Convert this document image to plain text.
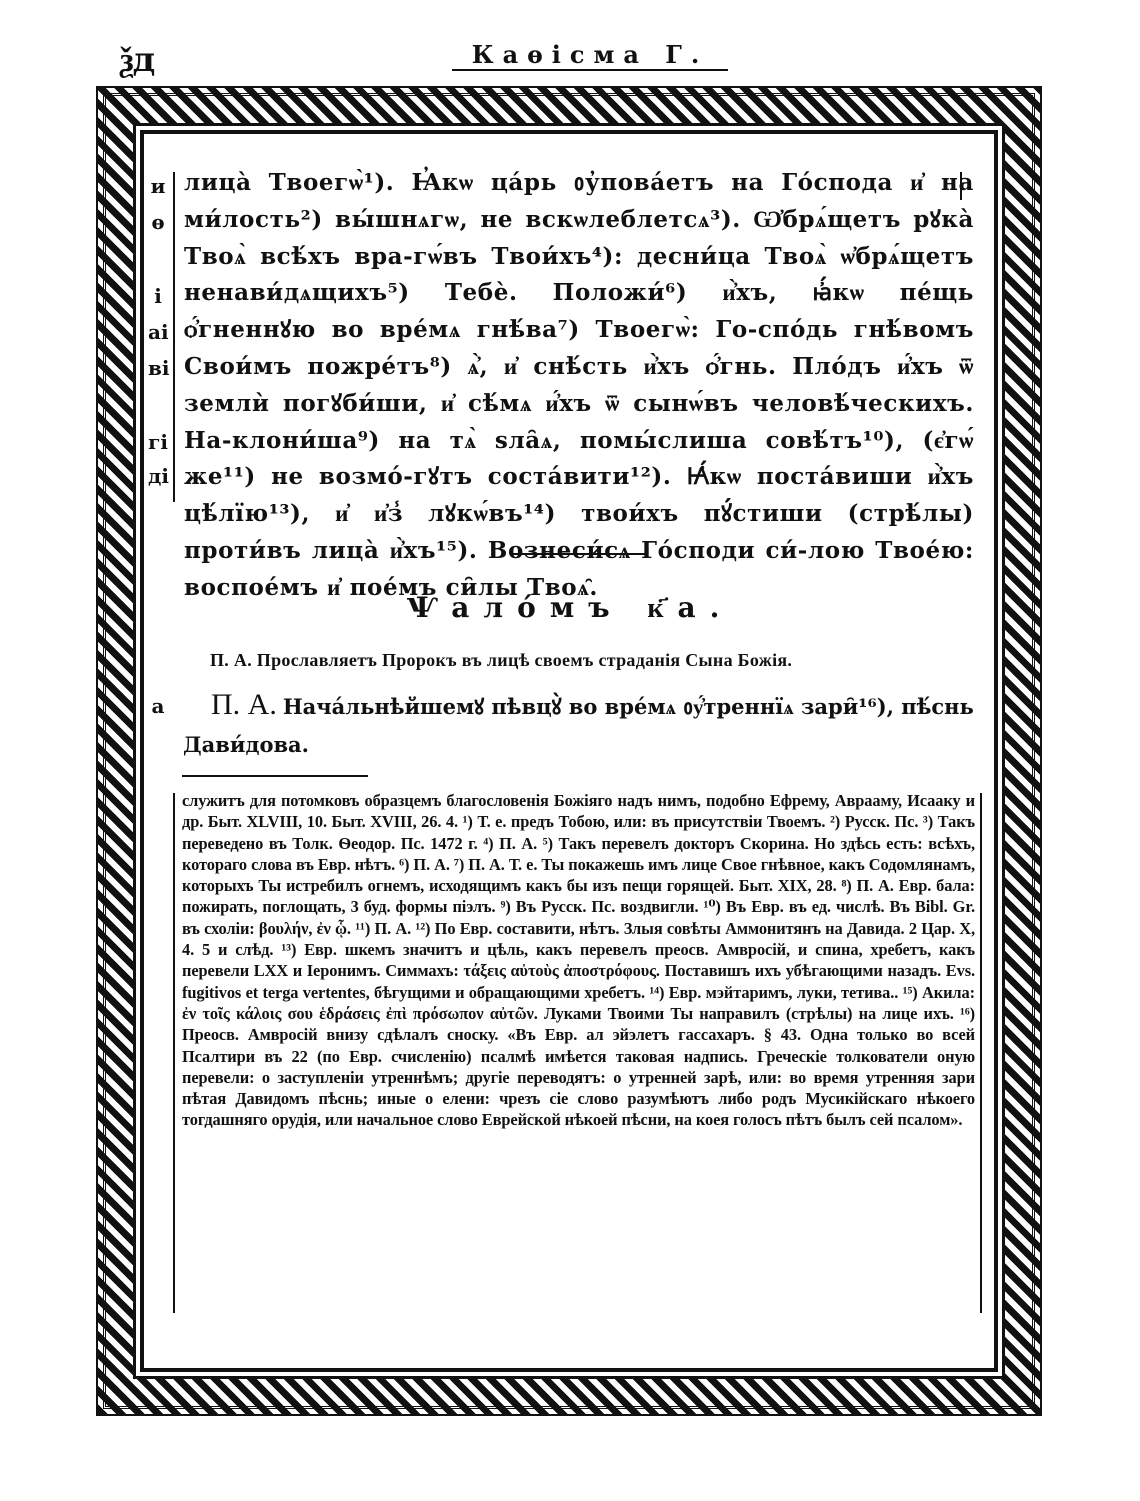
ѯд	Каѳісма Г.
и
ѳ
і
аі
ві
гі
ді
лица̀ Твоегѡ̀¹). Ꙗ̓кѡ ца́рь ᲂу̓пова́етъ на Го́спода и҆ на ми́лость²) вы́шнѧгѡ, не вскѡлеблетсѧ³). Ѡ҆брѧ́щетъ рꙋка̀ Твоѧ̀ всѣ́хъ вра-гѡ́въ Твои́хъ⁴): десни́ца Твоѧ̀ ѡ҆брѧ́щетъ ненави́дѧщихъ⁵) Тебѐ. Положи́⁶) и҆̀хъ, ꙗ҆́кѡ пе́щь ѻ҆́гненнꙋю во вре́мѧ гнѣ́ва⁷) Твоегѡ̀: Го-спо́дь гнѣ́вомъ Свои́мъ пожре́тъ⁸) ѧ҆̀, и҆ снѣ́сть и҆̀хъ ѻ҆́гнь. Пло́дъ и҆́хъ ѿ землѝ погꙋби́ши, и҆ сѣ́мѧ и҆́хъ ѿ сынѡ́въ человѣ́ческихъ. На-клони́ша⁹) на тѧ̀ ѕла̑ѧ, помы́слиша совѣ́тъ¹⁰), (є҆гѡ́ же¹¹) не возмо́-гꙋтъ соста́вити¹²). Ꙗ҆́кѡ поста́виши и҆̀хъ цѣ́лїю¹³), и҆ и҆з̾ лꙋкѡ́въ¹⁴) твои́хъ пꙋ́стиши (стрѣ́лы) проти́въ лица̀ и҆̀хъ¹⁵). Вознеси́сѧ Го́споди си́-лою Твое́ю: воспое́мъ и҆ пое́мъ си̑лы Твоѧ̑.
Ѱало́мъ к҃а.
П. А. Прославляетъ Пророкъ въ лицѣ своемъ страданія Сына Божія.
а	П. А. Нача́льнѣйшемꙋ пѣвцꙋ̀ во вре́мѧ ᲂу҆́треннїѧ зари̑¹⁶), пѣ́снь Дави́дова.
служитъ для потомковъ образцемъ благословенія Божіяго надъ нимъ, подобно Ефрему, Авраaму, Исааку и др. Быт. XLVIII, 10. Быт. XVIII, 26. 4. ¹) Т. е. предъ Тобою, или: въ присутствіи Твоемъ. ²) Русск. Пс. ³) Такъ переведено въ Толк. Ѳеодор. Пс. 1472 г. ⁴) П. А. ⁵) Такъ перевелъ докторъ Скорина. Но здѣсь есть: всѣхъ, котораго слова въ Евр. нѣтъ. ⁶) П. А. ⁷) П. А. Т. е. Ты покажешь имъ лице Свое гнѣвное, какъ Содомлянамъ, которыхъ Ты истребилъ огнемъ, исходящимъ какъ бы изъ пещи горящей. Быт. XIX, 28. ⁸) П. А. Евр. бала: пожирать, поглощать, 3 буд. формы піэлъ. ⁹) Въ Русск. Пс. воздвигли. ¹⁰) Въ Евр. въ ед. числѣ. Въ Bibl. Gr. въ схоліи: βουλήν, ἐν ᾧ. ¹¹) П. А. ¹²) По Евр. составити, нѣтъ. Злыя совѣты Аммонитянъ на Давида. 2 Цар. X, 4. 5 и слѣд. ¹³) Евр. шкемъ значитъ и цѣль, какъ перевелъ преосв. Амвросій, и спина, хребетъ, какъ перевели LXX и Іеронимъ. Симмахъ: τάξεις αὐτοὺς ἀποστρόφους. Поставишъ ихъ убѣгающими назадъ. Evs. fugitivos et terga vertentes, бѣгущими и обращающими хребетъ. ¹⁴) Евр. мэйтаримъ, луки, тетива.. ¹⁵) Акила: ἐν τοῖς κάλοις σου ἑδράσεις ἐπὶ πρόσωπον αὐτῶν. Луками Твоими Ты направилъ (стрѣлы) на лице ихъ. ¹⁶) Преосв. Амвросій внизу сдѣлалъ сноску. «Въ Евр. ал эйэлетъ гассахаръ. § 43. Одна только во всей Псалтири въ 22 (по Евр. счисленію) псалмѣ имѣется таковая надпись. Греческіе толкователи оную перевели: о заступленіи утреннѣмъ; другіе переводятъ: о утренней зарѣ, или: во время утренняя зари пѣтая Давидомъ пѣснь; иные о елени: чрезъ сіе слово разумѣютъ либо родъ Мусикійскаго нѣкоего тогдашняго орудія, или начальное слово Еврейской нѣкоей пѣсни, на коея голосъ пѣтъ былъ сей псалом».
